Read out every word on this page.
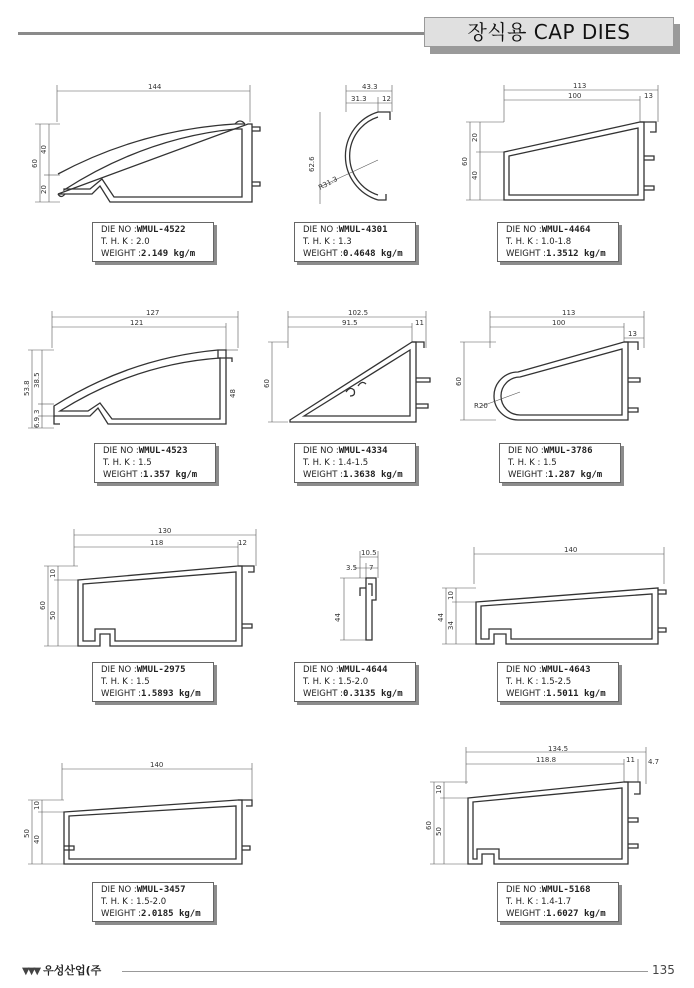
장식용 CAP DIES
144
60
40
20
DIE NO :WMUL-4522
T. H. K : 2.0
WEIGHT :2.149 kg/m
43.3
31.3 12
62.6
R31.3
DIE NO :WMUL-4301
T. H. K : 1.3
WEIGHT :0.4648 kg/m
113
100	13
60
20
40
DIE NO :WMUL-4464
T. H. K : 1.0-1.8
WEIGHT :1.3512 kg/m
127
121
53.8
38.5
6.9
3
48
DIE NO :WMUL-4523
T. H. K : 1.5
WEIGHT :1.357 kg/m
102.5
91.5	11
60
DIE NO :WMUL-4334
T. H. K : 1.4-1.5
WEIGHT :1.3638 kg/m
113
100
13
60
R20
DIE NO :WMUL-3786
T. H. K : 1.5
WEIGHT :1.287 kg/m
130
118	12
60
10
50
DIE NO :WMUL-2975
T. H. K : 1.5
WEIGHT :1.5893 kg/m
10.5
3.5 7
44
DIE NO :WMUL-4644
T. H. K : 1.5-2.0
WEIGHT :0.3135 kg/m
140
44
10
34
DIE NO :WMUL-4643
T. H. K : 1.5-2.5
WEIGHT :1.5011 kg/m
140
50
10
40
DIE NO :WMUL-3457
T. H. K : 1.5-2.0
WEIGHT :2.0185 kg/m
134.5
118.8	11 4.7
60
10
50
DIE NO :WMUL-5168
T. H. K : 1.4-1.7
WEIGHT :1.6027 kg/m
▼▼▼ 우성산업(주	135
